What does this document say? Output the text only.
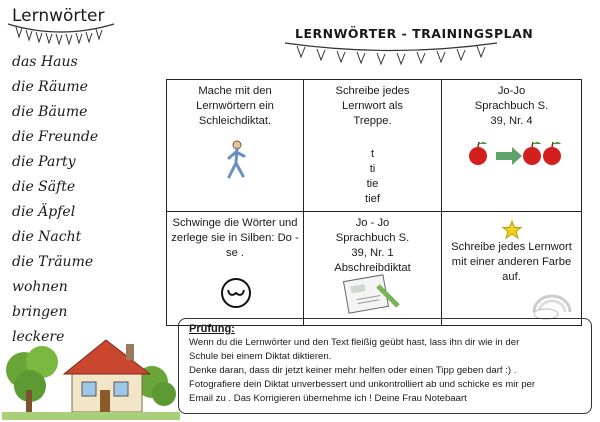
Lernwörter
das Haus
die Räume
die Bäume
die Freunde
die Party
die Säfte
die Äpfel
die Nacht
die Träume
wohnen
bringen
leckere
LERNWÖRTER - TRAININGSPLAN
Mache mit den Lernwörtern ein Schleichdiktat.	Schreibe jedes Lernwort als Treppe.
t
ti
tie
tief	Jo-Jo Sprachbuch S. 39, Nr. 4

Schwinge die Wörter und zerlege sie in Silben: Do - se .	Jo - Jo Sprachbuch S. 39, Nr. 1 Abschreibdiktat	Schreibe jedes Lernwort mit einer anderen Farbe auf.
Prüfung:
Wenn du die Lernwörter und den Text fleißig geübt hast, lass ihn dir wie in der
Schule bei einem Diktat diktieren.
Denke daran, dass dir jetzt keiner mehr helfen oder einen Tipp geben darf :) .
Fotografiere dein Diktat unverbessert und unkontrolliert ab und schicke es mir per
Email zu . Das Korrigieren übernehme ich ! Deine Frau Notebaart
